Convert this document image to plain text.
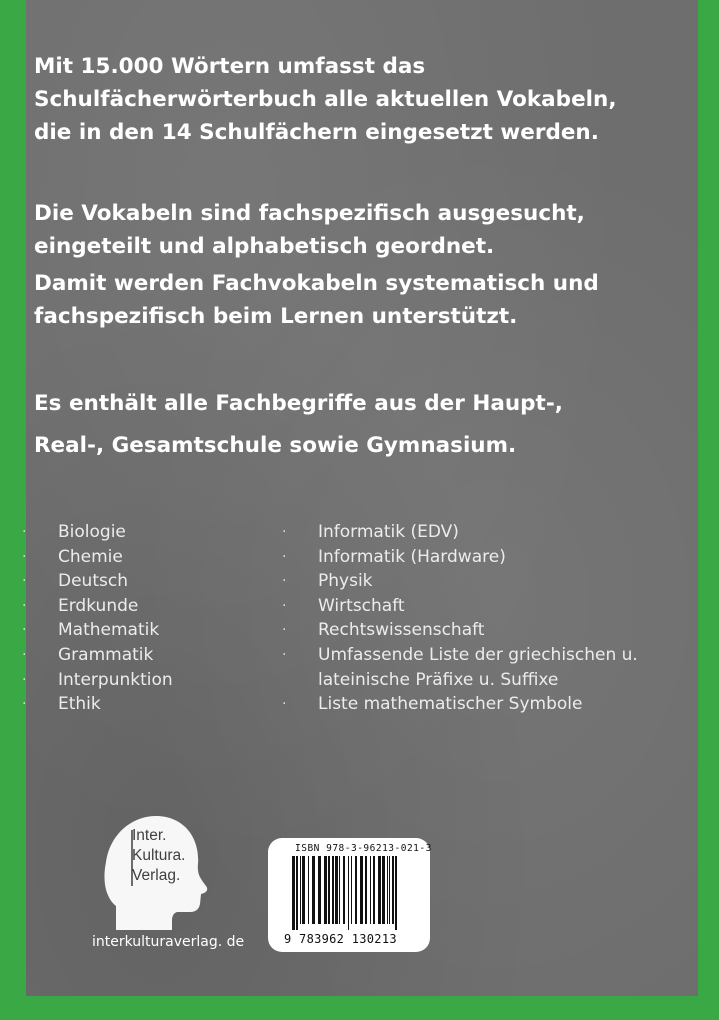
Mit 15.000 Wörtern umfasst das
Schulfächerwörterbuch alle aktuellen Vokabeln,
die in den 14 Schulfächern eingesetzt werden.

Die Vokabeln sind fachspezifisch ausgesucht,
eingeteilt und alphabetisch geordnet.

Damit werden Fachvokabeln systematisch und
fachspezifisch beim Lernen unterstützt.

Es enthält alle Fachbegriffe aus der Haupt-,
Real-, Gesamtschule sowie Gymnasium.

· Biologie
· Chemie
· Deutsch
· Erdkunde
· Mathematik
· Grammatik
· Interpunktion
· Ethik
· Informatik (EDV)
· Informatik (Hardware)
· Physik
· Wirtschaft
· Rechtswissenschaft
· Umfassende Liste der griechischen u.
lateinische Präfixe u. Suffixe
· Liste mathematischer Symbole
Inter.
Kultura.
Verlag.
interkulturaverlag. de
ISBN 978-3-96213-021-3
9 783962 130213
